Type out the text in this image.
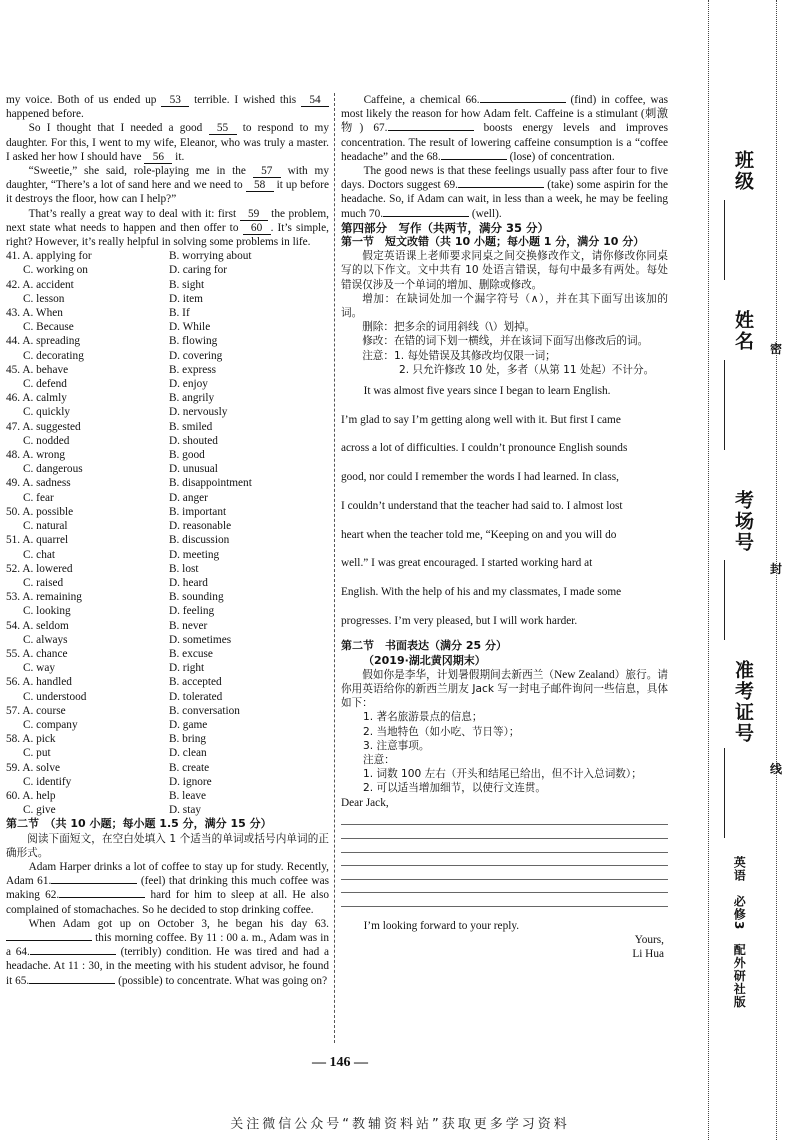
my voice. Both of us ended up 53 terrible. I wished this 54 happened before.

So I thought that I needed a good 55 to respond to my daughter. For this, I went to my wife, Eleanor, who was truly a master. I asked her how I should have 56 it.

“Sweetie,” she said, role-playing me in the 57 with my daughter, “There’s a lot of sand here and we need to 58 it up before it destroys the floor, how can I help?”

That’s really a great way to deal with it: first 59 the problem, next state what needs to happen and then offer to 60 . It’s simple, right? However, it’s really helpful in solving some problems in life.

41. A. applying for	B. worrying about
C. working on	D. caring for
42. A. accident	B. sight
C. lesson	D. item
43. A. When	B. If
C. Because	D. While
44. A. spreading	B. flowing
C. decorating	D. covering
45. A. behave	B. express
C. defend	D. enjoy
46. A. calmly	B. angrily
C. quickly	D. nervously
47. A. suggested	B. smiled
C. nodded	D. shouted
48. A. wrong	B. good
C. dangerous	D. unusual
49. A. sadness	B. disappointment
C. fear	D. anger
50. A. possible	B. important
C. natural	D. reasonable
51. A. quarrel	B. discussion
C. chat	D. meeting
52. A. lowered	B. lost
C. raised	D. heard
53. A. remaining	B. sounding
C. looking	D. feeling
54. A. seldom	B. never
C. always	D. sometimes
55. A. chance	B. excuse
C. way	D. right
56. A. handled	B. accepted
C. understood	D. tolerated
57. A. course	B. conversation
C. company	D. game
58. A. pick	B. bring
C. put	D. clean
59. A. solve	B. create
C. identify	D. ignore
60. A. help	B. leave
C. give	D. stay

第二节　（共 10 小题；每小题 1.5 分，满分 15 分）

阅读下面短文，在空白处填入 1 个适当的单词或括号内单词的正确形式。

Adam Harper drinks a lot of coffee to stay up for study. Recently, Adam 61.	(feel) that drinking this much coffee was making 62.	hard for him to sleep at all. He also complained of stomachaches. So he decided to stop drinking coffee.

When Adam got up on October 3, he began his day 63. this morning coffee. By 11 : 00 a. m., Adam was in a 64.	(terribly) condition. He was tired and had a headache. At 11 : 30, in the meeting with his student advisor, he found it 65.	(possible) to concentrate. What was going on?

Caffeine, a chemical 66.	(find) in coffee, was most likely the reason for how Adam felt. Caffeine is a stimulant (刺激物) 67.	boosts energy levels and improves concentration. The result of lowering caffeine consumption is a “coffee headache” and the 68.	(lose) of concentration.

The good news is that these feelings usually pass after four to five days. Doctors suggest 69.	(take) some aspirin for the headache. So, if Adam can wait, in less than a week, he may be feeling much 70.	(well).

第四部分　写作（共两节，满分 35 分）

第一节　短文改错（共 10 小题；每小题 1 分，满分 10 分）

假定英语课上老师要求同桌之间交换修改作文，请你修改你同桌写的以下作文。文中共有 10 处语言错误，每句中最多有两处。每处错误仅涉及一个单词的增加、删除或修改。

增加：在缺词处加一个漏字符号（∧），并在其下面写出该加的词。

删除：把多余的词用斜线（\）划掉。

修改：在错的词下划一横线，并在该词下面写出修改后的词。

注意：1. 每处错误及其修改均仅限一词；

2. 只允许修改 10 处，多者（从第 11 处起）不计分。

It was almost five years since I began to learn English.

I’m glad to say I’m getting along well with it. But first I came

across a lot of difficulties. I couldn’t pronounce English sounds

good, nor could I remember the words I had learned. In class,

I couldn’t understand that the teacher had said to. I almost lost

heart when the teacher told me, “Keeping on and you will do

well.” I was great encouraged. I started working hard at

English. With the help of his and my classmates, I made some

progresses. I’m very pleased, but I will work harder.

第二节　书面表达（满分 25 分）

（2019·湖北黄冈期末）

假如你是李华，计划暑假期间去新西兰（New Zealand）旅行。请你用英语给你的新西兰朋友 Jack 写一封电子邮件询问一些信息，具体如下：

1. 著名旅游景点的信息；

2. 当地特色（如小吃、节日等）；

3. 注意事项。

注意：

1. 词数 100 左右（开头和结尾已给出，但不计入总词数）；

2. 可以适当增加细节，以使行文连贯。

Dear Jack,

I’m looking forward to your reply.

Yours,

Li Hua

— 146 —
关注微信公众号“教辅资料站”获取更多学习资料
班级
姓名
考场号
准考证号
密
封
线
英语　必修3　配外研社版
